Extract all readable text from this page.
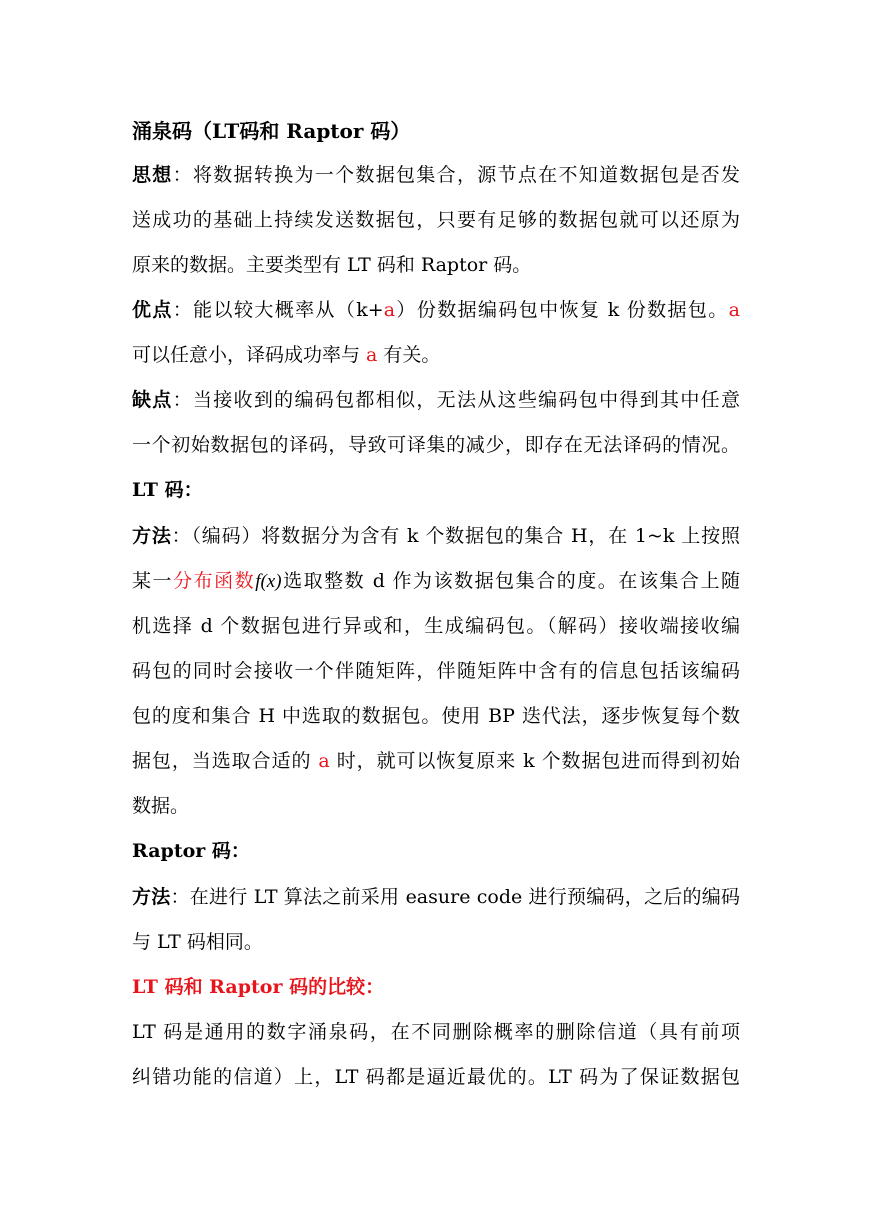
涌泉码（LT码和 Raptor 码）
思想：将数据转换为一个数据包集合，源节点在不知道数据包是否发
送成功的基础上持续发送数据包，只要有足够的数据包就可以还原为
原来的数据。主要类型有 LT 码和 Raptor 码。
优点：能以较大概率从（k+a）份数据编码包中恢复 k 份数据包。a
可以任意小，译码成功率与 a 有关。
缺点：当接收到的编码包都相似，无法从这些编码包中得到其中任意
一个初始数据包的译码，导致可译集的减少，即存在无法译码的情况。
LT 码：
方法：（编码）将数据分为含有 k 个数据包的集合 H，在 1~k 上按照
某一分布函数f(x)选取整数 d 作为该数据包集合的度。在该集合上随
机选择 d 个数据包进行异或和，生成编码包。（解码）接收端接收编
码包的同时会接收一个伴随矩阵，伴随矩阵中含有的信息包括该编码
包的度和集合 H 中选取的数据包。使用 BP 迭代法，逐步恢复每个数
据包，当选取合适的 a 时，就可以恢复原来 k 个数据包进而得到初始
数据。
Raptor 码：
方法：在进行 LT 算法之前采用 easure code 进行预编码，之后的编码
与 LT 码相同。
LT 码和 Raptor 码的比较：
LT 码是通用的数字涌泉码，在不同删除概率的删除信道（具有前项
纠错功能的信道）上，LT 码都是逼近最优的。LT 码为了保证数据包
